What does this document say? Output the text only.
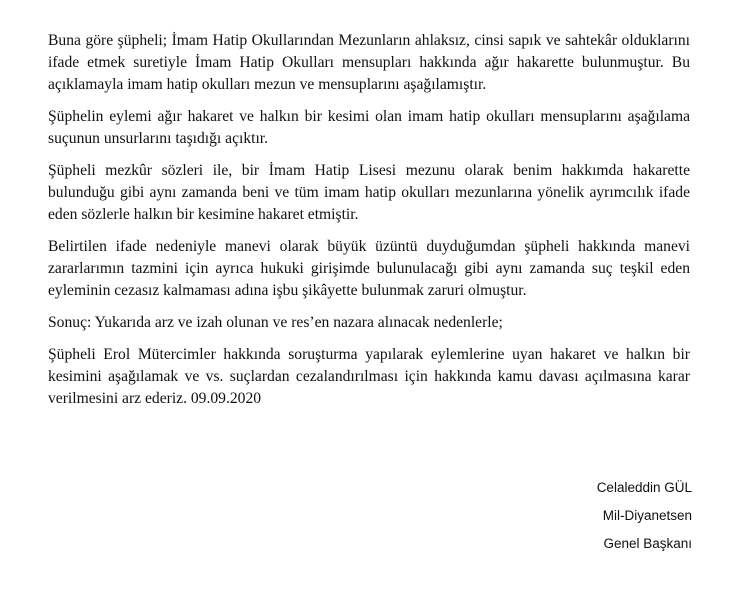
Buna göre şüpheli; İmam Hatip Okullarından Mezunların ahlaksız, cinsi sapık ve sahtekâr olduklarını ifade etmek suretiyle İmam Hatip Okulları mensupları hakkında ağır hakarette bulunmuştur. Bu açıklamayla imam hatip okulları mezun ve mensuplarını aşağılamıştır.

Şüphelin eylemi ağır hakaret ve halkın bir kesimi olan imam hatip okulları mensuplarını aşağılama suçunun unsurlarını taşıdığı açıktır.

Şüpheli mezkûr sözleri ile, bir İmam Hatip Lisesi mezunu olarak benim hakkımda hakarette bulunduğu gibi aynı zamanda beni ve tüm imam hatip okulları mezunlarına yönelik ayrımcılık ifade eden sözlerle halkın bir kesimine hakaret etmiştir.

Belirtilen ifade nedeniyle manevi olarak büyük üzüntü duyduğumdan şüpheli hakkında manevi zararlarımın tazmini için ayrıca hukuki girişimde bulunulacağı gibi aynı zamanda suç teşkil eden eyleminin cezasız kalmaması adına işbu şikâyette bulunmak zaruri olmuştur.

Sonuç: Yukarıda arz ve izah olunan ve res’en nazara alınacak nedenlerle;

Şüpheli Erol Mütercimler hakkında soruşturma yapılarak eylemlerine uyan hakaret ve halkın bir kesimini aşağılamak ve vs. suçlardan cezalandırılması için hakkında kamu davası açılmasına karar verilmesini arz ederiz. 09.09.2020

Celaleddin GÜL
Mil-Diyanetsen
Genel Başkanı
